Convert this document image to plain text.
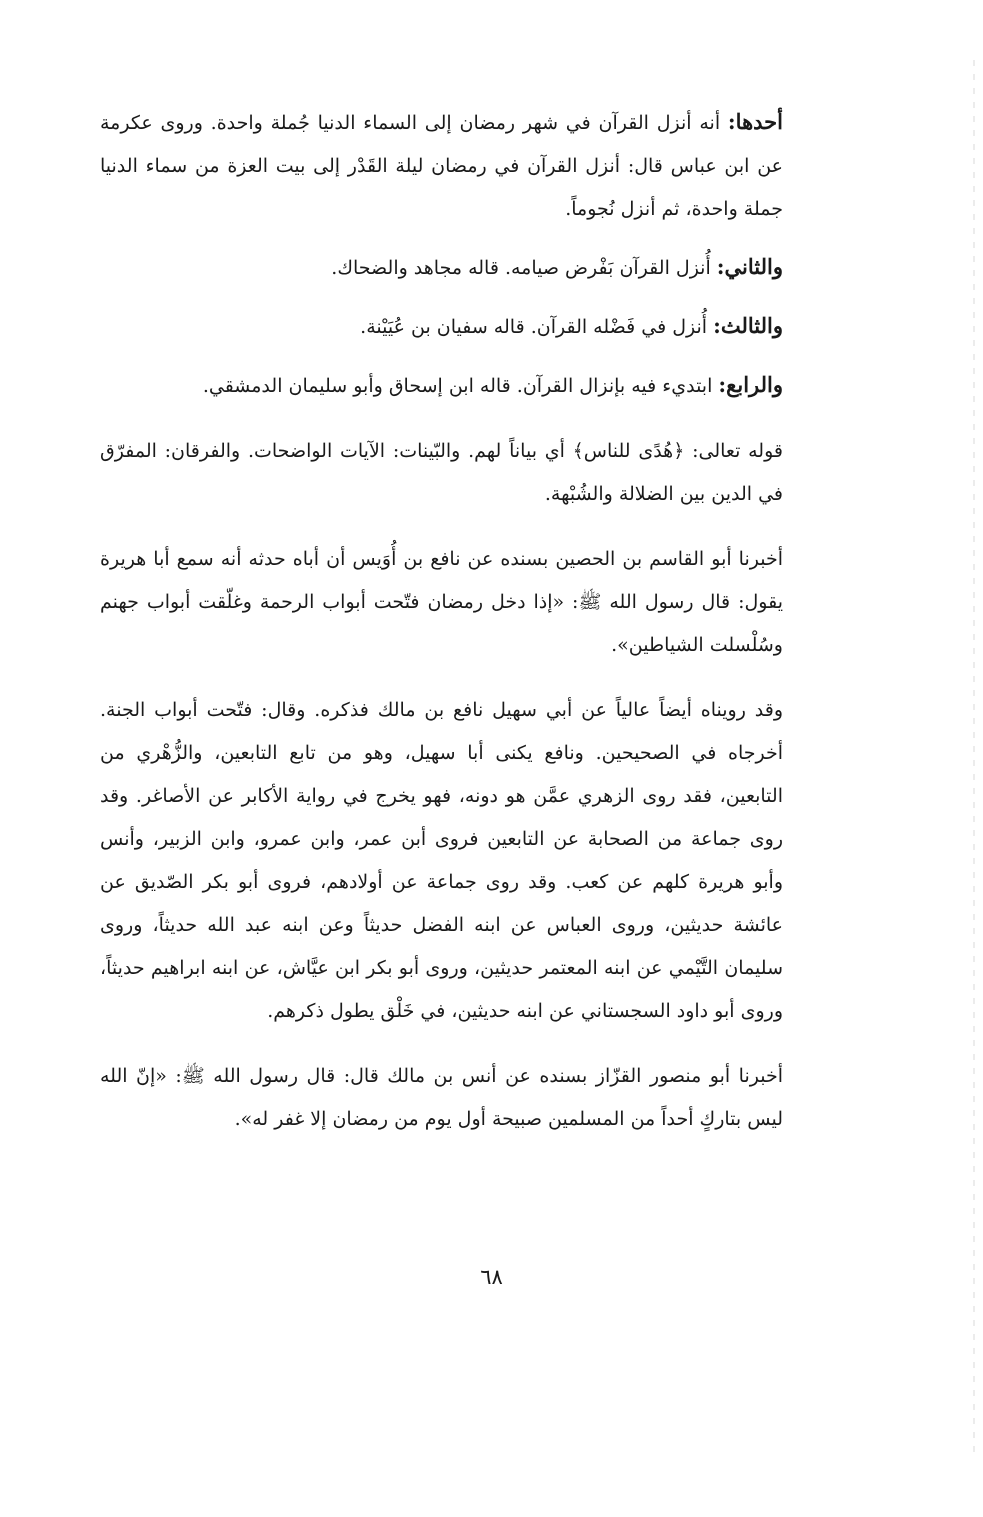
أحدها: أنه أنزل القرآن في شهر رمضان إلى السماء الدنيا جُملة واحدة. وروى عكرمة عن ابن عباس قال: أنزل القرآن في رمضان ليلة القَدْر إلى بيت العزة من سماء الدنيا جملة واحدة، ثم أنزل نُجوماً.

والثاني: أُنزل القرآن بَفْرض صيامه. قاله مجاهد والضحاك.

والثالث: أُنزل في فَضْله القرآن. قاله سفيان بن عُيَيْنة.

والرابع: ابتديء فيه بإنزال القرآن. قاله ابن إسحاق وأبو سليمان الدمشقي.

قوله تعالى: ﴿هُدًى للناس﴾ أي بياناً لهم. والبّينات: الآيات الواضحات. والفرقان: المفرّق في الدين بين الضلالة والشُبْهة.

أخبرنا أبو القاسم بن الحصين بسنده عن نافع بن أُوَيس أن أباه حدثه أنه سمع أبا هريرة يقول: قال رسول الله ﷺ: «إذا دخل رمضان فتّحت أبواب الرحمة وغلّقت أبواب جهنم وسُلْسلت الشياطين».

وقد رويناه أيضاً عالياً عن أبي سهيل نافع بن مالك فذكره. وقال: فتّحت أبواب الجنة. أخرجاه في الصحيحين. ونافع يكنى أبا سهيل، وهو من تابع التابعين، والزُّهْري من التابعين، فقد روى الزهري عمَّن هو دونه، فهو يخرج في رواية الأكابر عن الأصاغر. وقد روى جماعة من الصحابة عن التابعين فروى أبن عمر، وابن عمرو، وابن الزبير، وأنس وأبو هريرة كلهم عن كعب. وقد روى جماعة عن أولادهم، فروى أبو بكر الصّديق عن عائشة حديثين، وروى العباس عن ابنه الفضل حديثاً وعن ابنه عبد الله حديثاً، وروى سليمان التَّيْمي عن ابنه المعتمر حديثين، وروى أبو بكر ابن عيَّاش، عن ابنه ابراهيم حديثاً، وروى أبو داود السجستاني عن ابنه حديثين، في خَلْق يطول ذكرهم.

أخبرنا أبو منصور القزّاز بسنده عن أنس بن مالك قال: قال رسول الله ﷺ: «إنّ الله ليس بتاركٍ أحداً من المسلمين صبيحة أول يوم من رمضان إلا غفر له».

٦٨
